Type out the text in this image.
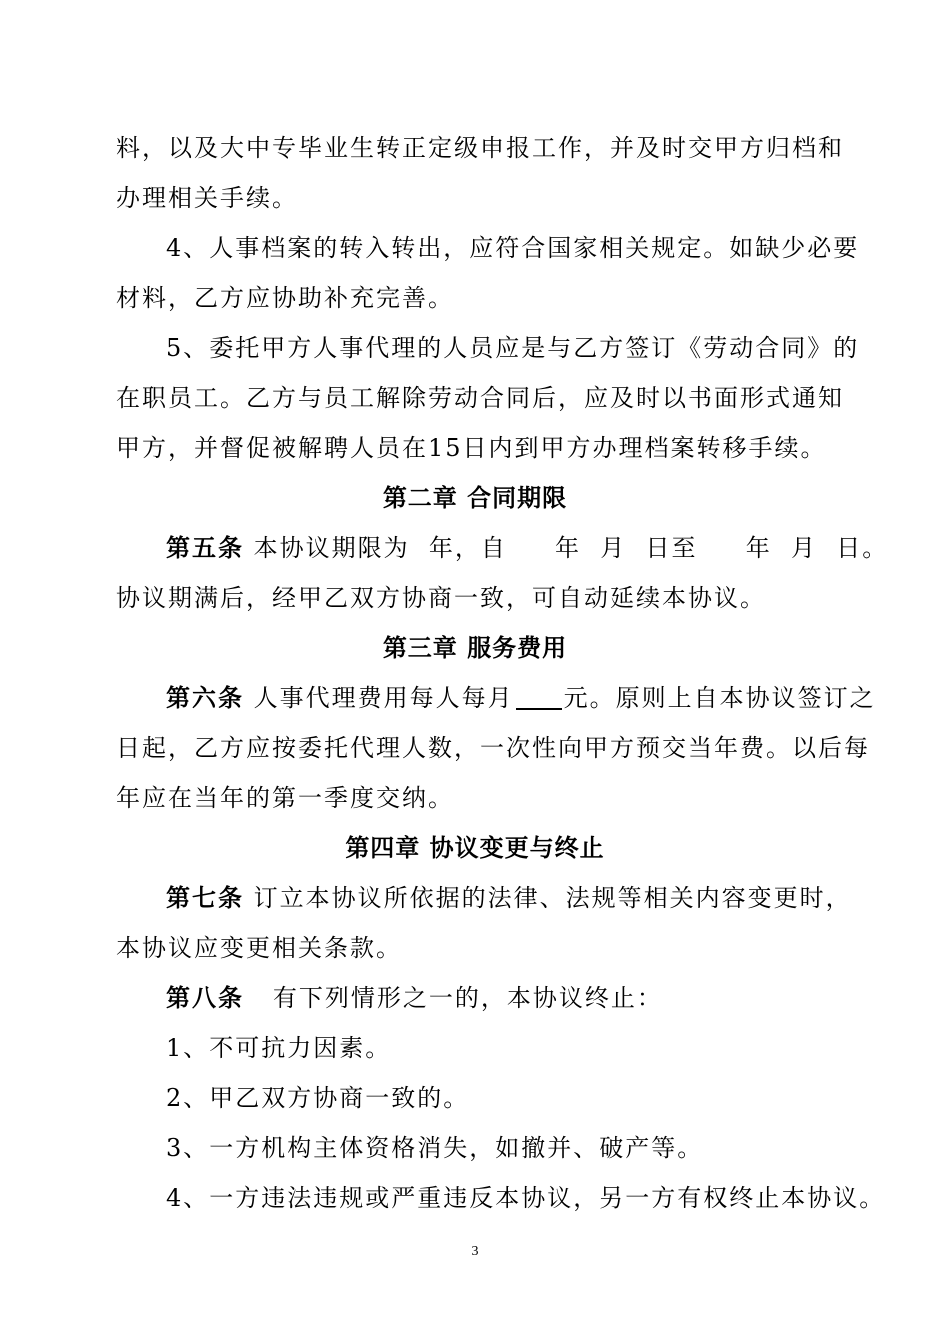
料，以及大中专毕业生转正定级申报工作，并及时交甲方归档和
办理相关手续。
4、人事档案的转入转出，应符合国家相关规定。如缺少必要
材料，乙方应协助补充完善。
5、委托甲方人事代理的人员应是与乙方签订《劳动合同》的
在职员工。乙方与员工解除劳动合同后，应及时以书面形式通知
甲方，并督促被解聘人员在15日内到甲方办理档案转移手续。
第二章 合同期限
第五条 本协议期限为  年，自     年  月  日至     年  月  日。
协议期满后，经甲乙双方协商一致，可自动延续本协议。
第三章 服务费用
第六条 人事代理费用每人每月 元。原则上自本协议签订之
日起，乙方应按委托代理人数，一次性向甲方预交当年费。以后每
年应在当年的第一季度交纳。
第四章 协议变更与终止
第七条 订立本协议所依据的法律、法规等相关内容变更时，
本协议应变更相关条款。
第八条   有下列情形之一的，本协议终止：
1、不可抗力因素。
2、甲乙双方协商一致的。
3、一方机构主体资格消失，如撤并、破产等。
4、一方违法违规或严重违反本协议，另一方有权终止本协议。
3
